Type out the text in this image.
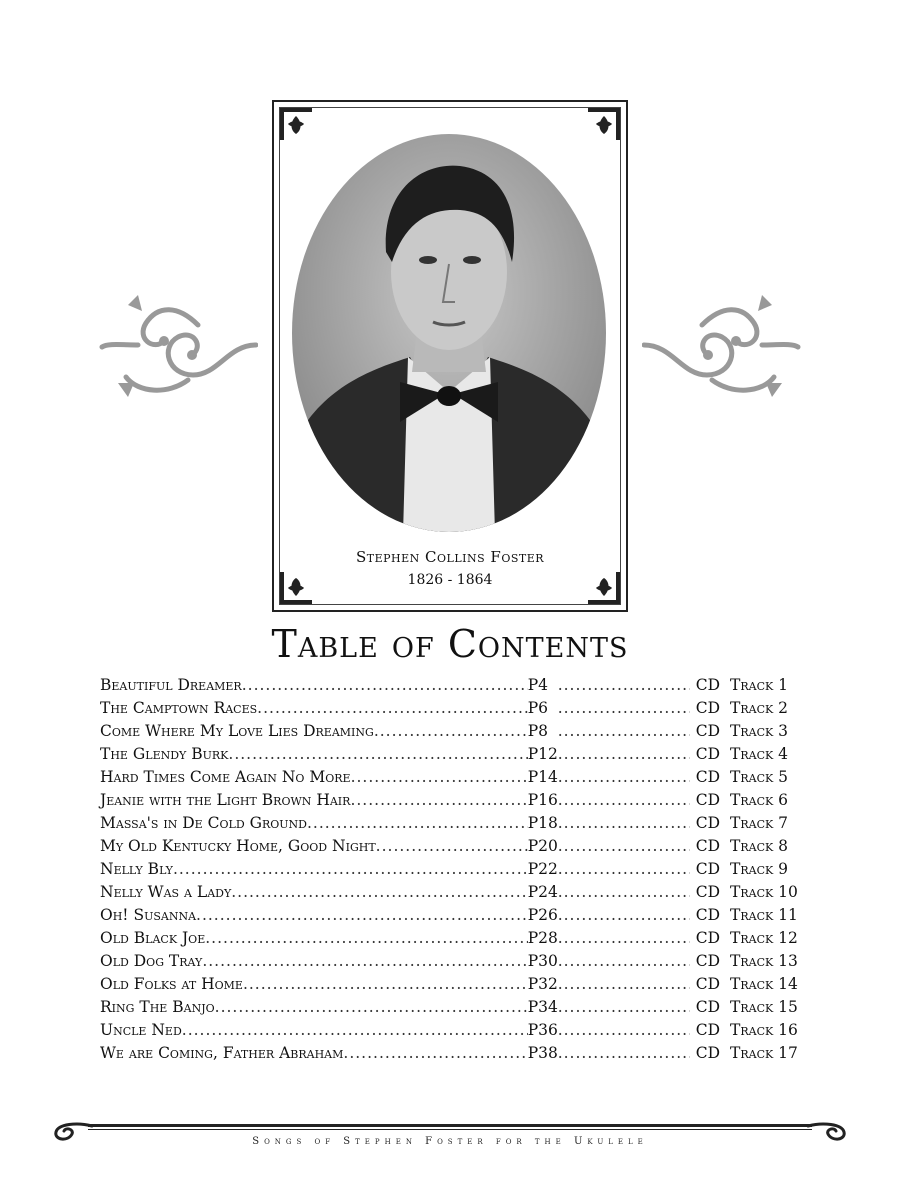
Stephen Collins Foster
1826 - 1864
Table of Contents
Beautiful Dreamer .....	P4 .....	CD Track 1
The Camptown Races .....	P6 .....	CD Track 2
Come Where My Love Lies Dreaming .....	P8 .....	CD Track 3
The Glendy Burk .....	P12 .....	CD Track 4
Hard Times Come Again No More .....	P14 .....	CD Track 5
Jeanie with the Light Brown Hair .....	P16 .....	CD Track 6
Massa's in De Cold Ground .....	P18 .....	CD Track 7
My Old Kentucky Home, Good Night .....	P20 .....	CD Track 8
Nelly Bly .....	P22 .....	CD Track 9
Nelly Was a Lady .....	P24 .....	CD Track 10
Oh! Susanna .....	P26 .....	CD Track 11
Old Black Joe .....	P28 .....	CD Track 12
Old Dog Tray .....	P30 .....	CD Track 13
Old Folks at Home .....	P32 .....	CD Track 14
Ring The Banjo .....	P34 .....	CD Track 15
Uncle Ned .....	P36 .....	CD Track 16
We are Coming, Father Abraham .....	P38 .....	CD Track 17
Songs of Stephen Foster for the Ukulele
